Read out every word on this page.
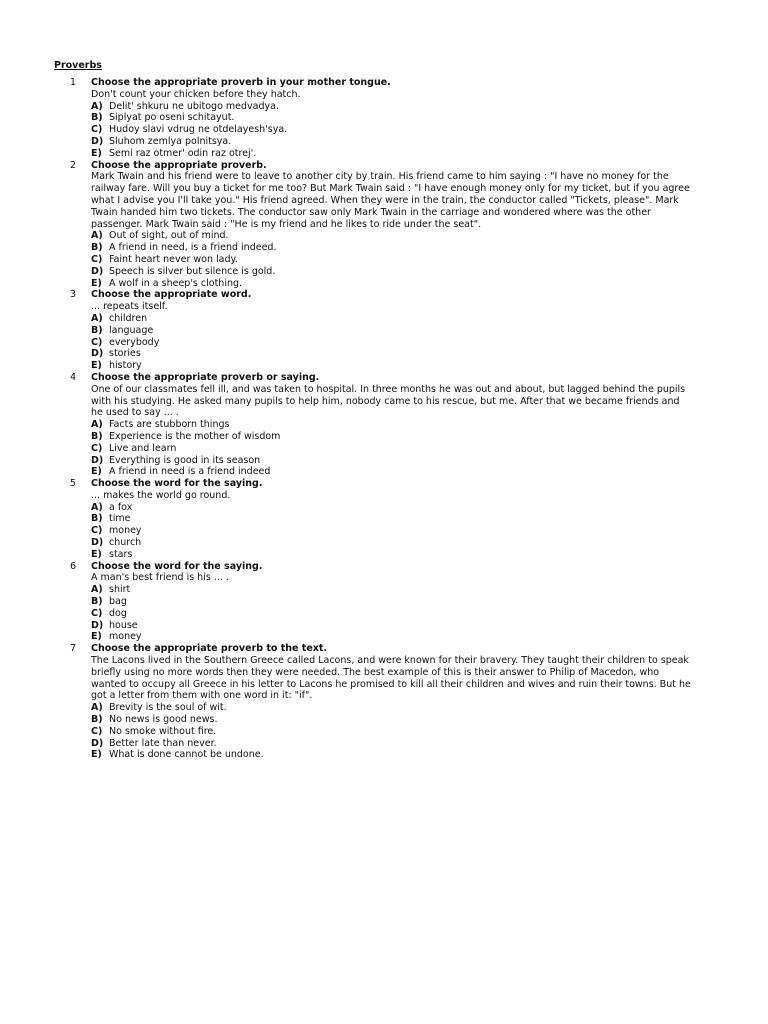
Proverbs
1 Choose the appropriate proverb in your mother tongue.

Don't count your chicken before they hatch.

A) Delit' shkuru ne ubitogo medvadya.
B) Siplyat po oseni schitayut.
C) Hudoy slavi vdrug ne otdelayesh'sya.
D) Sluhom zemlya polnitsya.
E) Semi raz otmer' odin raz otrej'.
2 Choose the appropriate proverb.

Mark Twain and his friend were to leave to another city by train. His friend came to him saying : "I have no money for the railway fare. Will you buy a ticket for me too? But Mark Twain said : "I have enough money only for my ticket, but if you agree what I advise you I'll take you." His friend agreed. When they were in the train, the conductor called "Tickets, please". Mark Twain handed him two tickets. The conductor saw only Mark Twain in the carriage and wondered where was the other passenger. Mark Twain said : "He is my friend and he likes to ride under the seat".

A) Out of sight, out of mind.
B) A friend in need, is a friend indeed.
C) Faint heart never won lady.
D) Speech is silver but silence is gold.
E) A wolf in a sheep's clothing.
3 Choose the appropriate word.

... repeats itself.

A) children
B) language
C) everybody
D) stories
E) history
4 Choose the appropriate proverb or saying.

One of our classmates fell ill, and was taken to hospital. In three months he was out and about, but lagged behind the pupils with his studying. He asked many pupils to help him, nobody came to his rescue, but me. After that we became friends and he used to say ... .

A) Facts are stubborn things
B) Experience is the mother of wisdom
C) Live and learn
D) Everything is good in its season
E) A friend in need is a friend indeed
5 Choose the word for the saying.

... makes the world go round.

A) a fox
B) time
C) money
D) church
E) stars
6 Choose the word for the saying.

A man's best friend is his ... .

A) shirt
B) bag
C) dog
D) house
E) money
7 Choose the appropriate proverb to the text.

The Lacons lived in the Southern Greece called Lacons, and were known for their bravery. They taught their children to speak briefly using no more words then they were needed. The best example of this is their answer to Philip of Macedon, who wanted to occupy all Greece in his letter to Lacons he promised to kill all their children and wives and ruin their towns. But he got a letter from them with one word in it: "if".

A) Brevity is the soul of wit.
B) No news is good news.
C) No smoke without fire.
D) Better late than never.
E) What is done cannot be undone.
